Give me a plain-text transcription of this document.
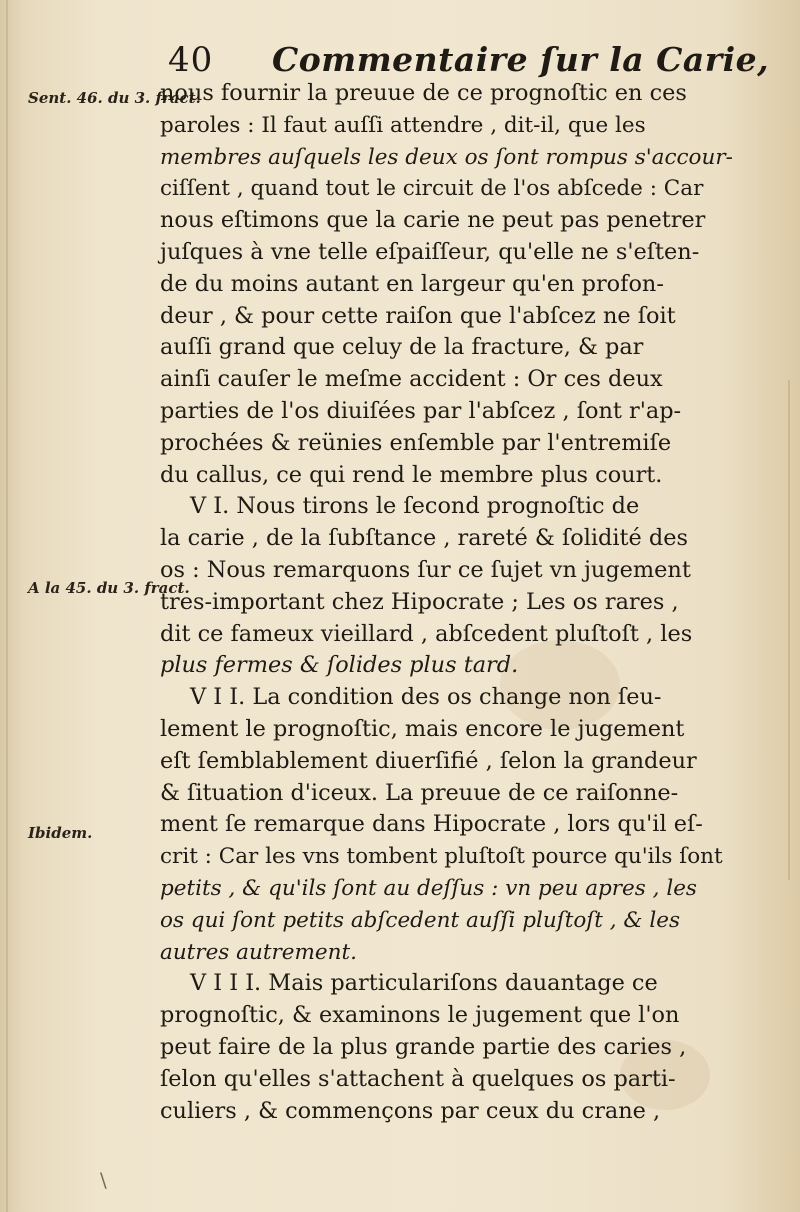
40 Commentaire ſur la Carie,
Sent. 46. du 3. fract.
A la 45. du 3. fract.
Ibidem.
nous fournir la preuue de ce prognoſtic en ces
paroles : Il faut auſſi attendre , dit-il, que les
membres auſquels les deux os ſont rompus s'accour-
ciſſent , quand tout le circuit de l'os abſcede : Car
nous eſtimons que la carie ne peut pas penetrer
juſques à vne telle eſpaiſſeur, qu'elle ne s'eſten-
de du moins autant en largeur qu'en profon-
deur , & pour cette raiſon que l'abſcez ne ſoit
auſſi grand que celuy de la fracture, & par
ainſi cauſer le meſme accident : Or ces deux
parties de l'os diuiſées par l'abſcez , ſont r'ap-
prochées & reünies enſemble par l'entremiſe
du callus, ce qui rend le membre plus court.
V I. Nous tirons le ſecond prognoſtic de
la carie , de la ſubſtance , rareté & ſolidité des
os : Nous remarquons ſur ce ſujet vn jugement
tres-important chez Hipocrate ; Les os rares ,
dit ce fameux vieillard , abſcedent pluſtoſt , les
plus fermes & ſolides plus tard.
V I I. La condition des os change non ſeu-
lement le prognoſtic, mais encore le jugement
eſt ſemblablement diuerſifié , ſelon la grandeur
& ſituation d'iceux. La preuue de ce raiſonne-
ment ſe remarque dans Hipocrate , lors qu'il eſ-
crit : Car les vns tombent pluſtoſt pource qu'ils ſont
petits , & qu'ils ſont au deſſus : vn peu apres , les
os qui ſont petits abſcedent auſſi pluſtoſt , & les
autres autrement.
V I I I. Mais particulariſons dauantage ce
prognoſtic, & examinons le jugement que l'on
peut faire de la plus grande partie des caries ,
ſelon qu'elles s'attachent à quelques os parti-
culiers , & commençons par ceux du crane ,
\
